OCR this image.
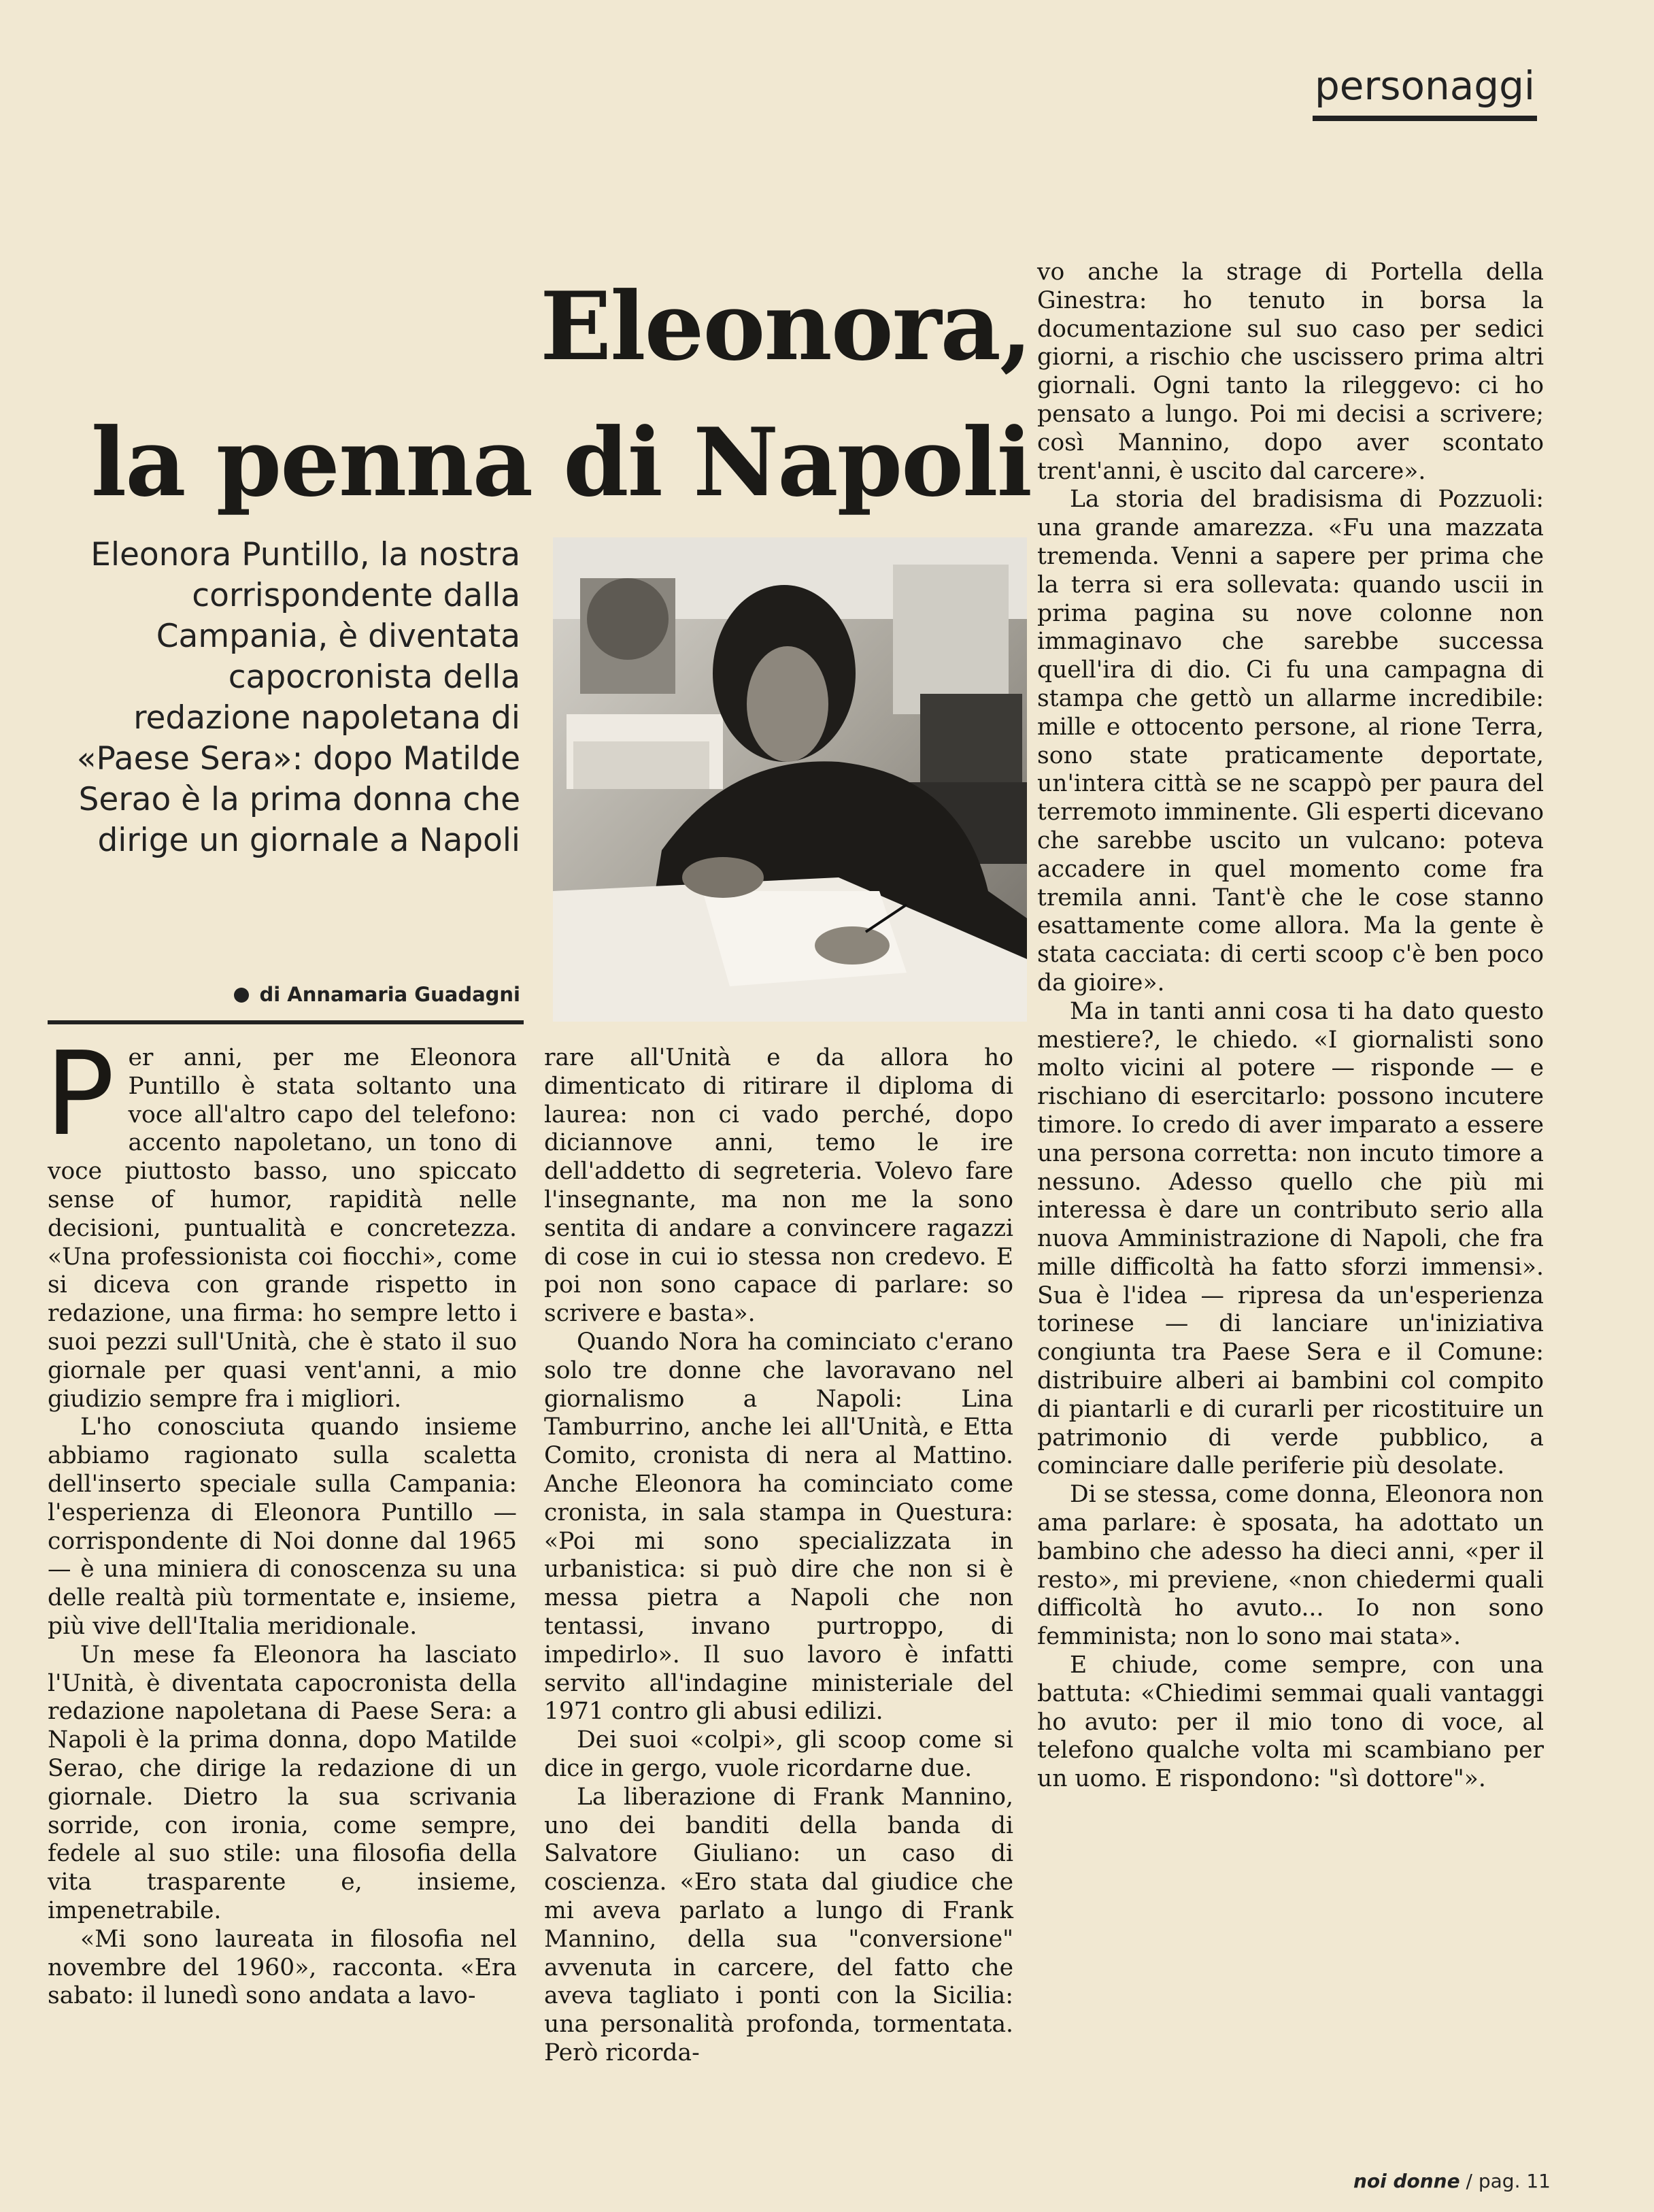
personaggi
Eleonora,
la penna di Napoli
Eleonora Puntillo, la nostra corrispondente dalla Campania, è diventata capocronista della redazione napoletana di «Paese Sera»: dopo Matilde Serao è la prima donna che dirige un giornale a Napoli
di Annamaria Guadagni

Per anni, per me Eleonora Puntillo è stata soltanto una voce all'altro capo del telefono: accento napoletano, un tono di voce piuttosto basso, uno spiccato sense of humor, rapidità nelle decisioni, puntualità e concretezza. «Una professionista coi fiocchi», come si diceva con grande rispetto in redazione, una firma: ho sempre letto i suoi pezzi sull'Unità, che è stato il suo giornale per quasi vent'anni, a mio giudizio sempre fra i migliori.

L'ho conosciuta quando insieme abbiamo ragionato sulla scaletta dell'inserto speciale sulla Campania: l'esperienza di Eleonora Puntillo — corrispondente di Noi donne dal 1965 — è una miniera di conoscenza su una delle realtà più tormentate e, insieme, più vive dell'Italia meridionale.

Un mese fa Eleonora ha lasciato l'Unità, è diventata capocronista della redazione napoletana di Paese Sera: a Napoli è la prima donna, dopo Matilde Serao, che dirige la redazione di un giornale. Dietro la sua scrivania sorride, con ironia, come sempre, fedele al suo stile: una filosofia della vita trasparente e, insieme, impenetrabile.

«Mi sono laureata in filosofia nel novembre del 1960», racconta. «Era sabato: il lunedì sono andata a lavo-

rare all'Unità e da allora ho dimenticato di ritirare il diploma di laurea: non ci vado perché, dopo diciannove anni, temo le ire dell'addetto di segreteria. Volevo fare l'insegnante, ma non me la sono sentita di andare a convincere ragazzi di cose in cui io stessa non credevo. E poi non sono capace di parlare: so scrivere e basta».

Quando Nora ha cominciato c'erano solo tre donne che lavoravano nel giornalismo a Napoli: Lina Tamburrino, anche lei all'Unità, e Etta Comito, cronista di nera al Mattino. Anche Eleonora ha cominciato come cronista, in sala stampa in Questura: «Poi mi sono specializzata in urbanistica: si può dire che non si è messa pietra a Napoli che non tentassi, invano purtroppo, di impedirlo». Il suo lavoro è infatti servito all'indagine ministeriale del 1971 contro gli abusi edilizi.

Dei suoi «colpi», gli scoop come si dice in gergo, vuole ricordarne due.

La liberazione di Frank Mannino, uno dei banditi della banda di Salvatore Giuliano: un caso di coscienza. «Ero stata dal giudice che mi aveva parlato a lungo di Frank Mannino, della sua "conversione" avvenuta in carcere, del fatto che aveva tagliato i ponti con la Sicilia: una personalità profonda, tormentata. Però ricorda-

vo anche la strage di Portella della Ginestra: ho tenuto in borsa la documentazione sul suo caso per sedici giorni, a rischio che uscissero prima altri giornali. Ogni tanto la rileggevo: ci ho pensato a lungo. Poi mi decisi a scrivere; così Mannino, dopo aver scontato trent'anni, è uscito dal carcere».

La storia del bradisisma di Pozzuoli: una grande amarezza. «Fu una mazzata tremenda. Venni a sapere per prima che la terra si era sollevata: quando uscii in prima pagina su nove colonne non immaginavo che sarebbe successa quell'ira di dio. Ci fu una campagna di stampa che gettò un allarme incredibile: mille e ottocento persone, al rione Terra, sono state praticamente deportate, un'intera città se ne scappò per paura del terremoto imminente. Gli esperti dicevano che sarebbe uscito un vulcano: poteva accadere in quel momento come fra tremila anni. Tant'è che le cose stanno esattamente come allora. Ma la gente è stata cacciata: di certi scoop c'è ben poco da gioire».

Ma in tanti anni cosa ti ha dato questo mestiere?, le chiedo. «I giornalisti sono molto vicini al potere — risponde — e rischiano di esercitarlo: possono incutere timore. Io credo di aver imparato a essere una persona corretta: non incuto timore a nessuno. Adesso quello che più mi interessa è dare un contributo serio alla nuova Amministrazione di Napoli, che fra mille difficoltà ha fatto sforzi immensi». Sua è l'idea — ripresa da un'esperienza torinese — di lanciare un'iniziativa congiunta tra Paese Sera e il Comune: distribuire alberi ai bambini col compito di piantarli e di curarli per ricostituire un patrimonio di verde pubblico, a cominciare dalle periferie più desolate.

Di se stessa, come donna, Eleonora non ama parlare: è sposata, ha adottato un bambino che adesso ha dieci anni, «per il resto», mi previene, «non chiedermi quali difficoltà ho avuto... Io non sono femminista; non lo sono mai stata».

E chiude, come sempre, con una battuta: «Chiedimi semmai quali vantaggi ho avuto: per il mio tono di voce, al telefono qualche volta mi scambiano per un uomo. E rispondono: "sì dottore"».

noi donne / pag. 11
